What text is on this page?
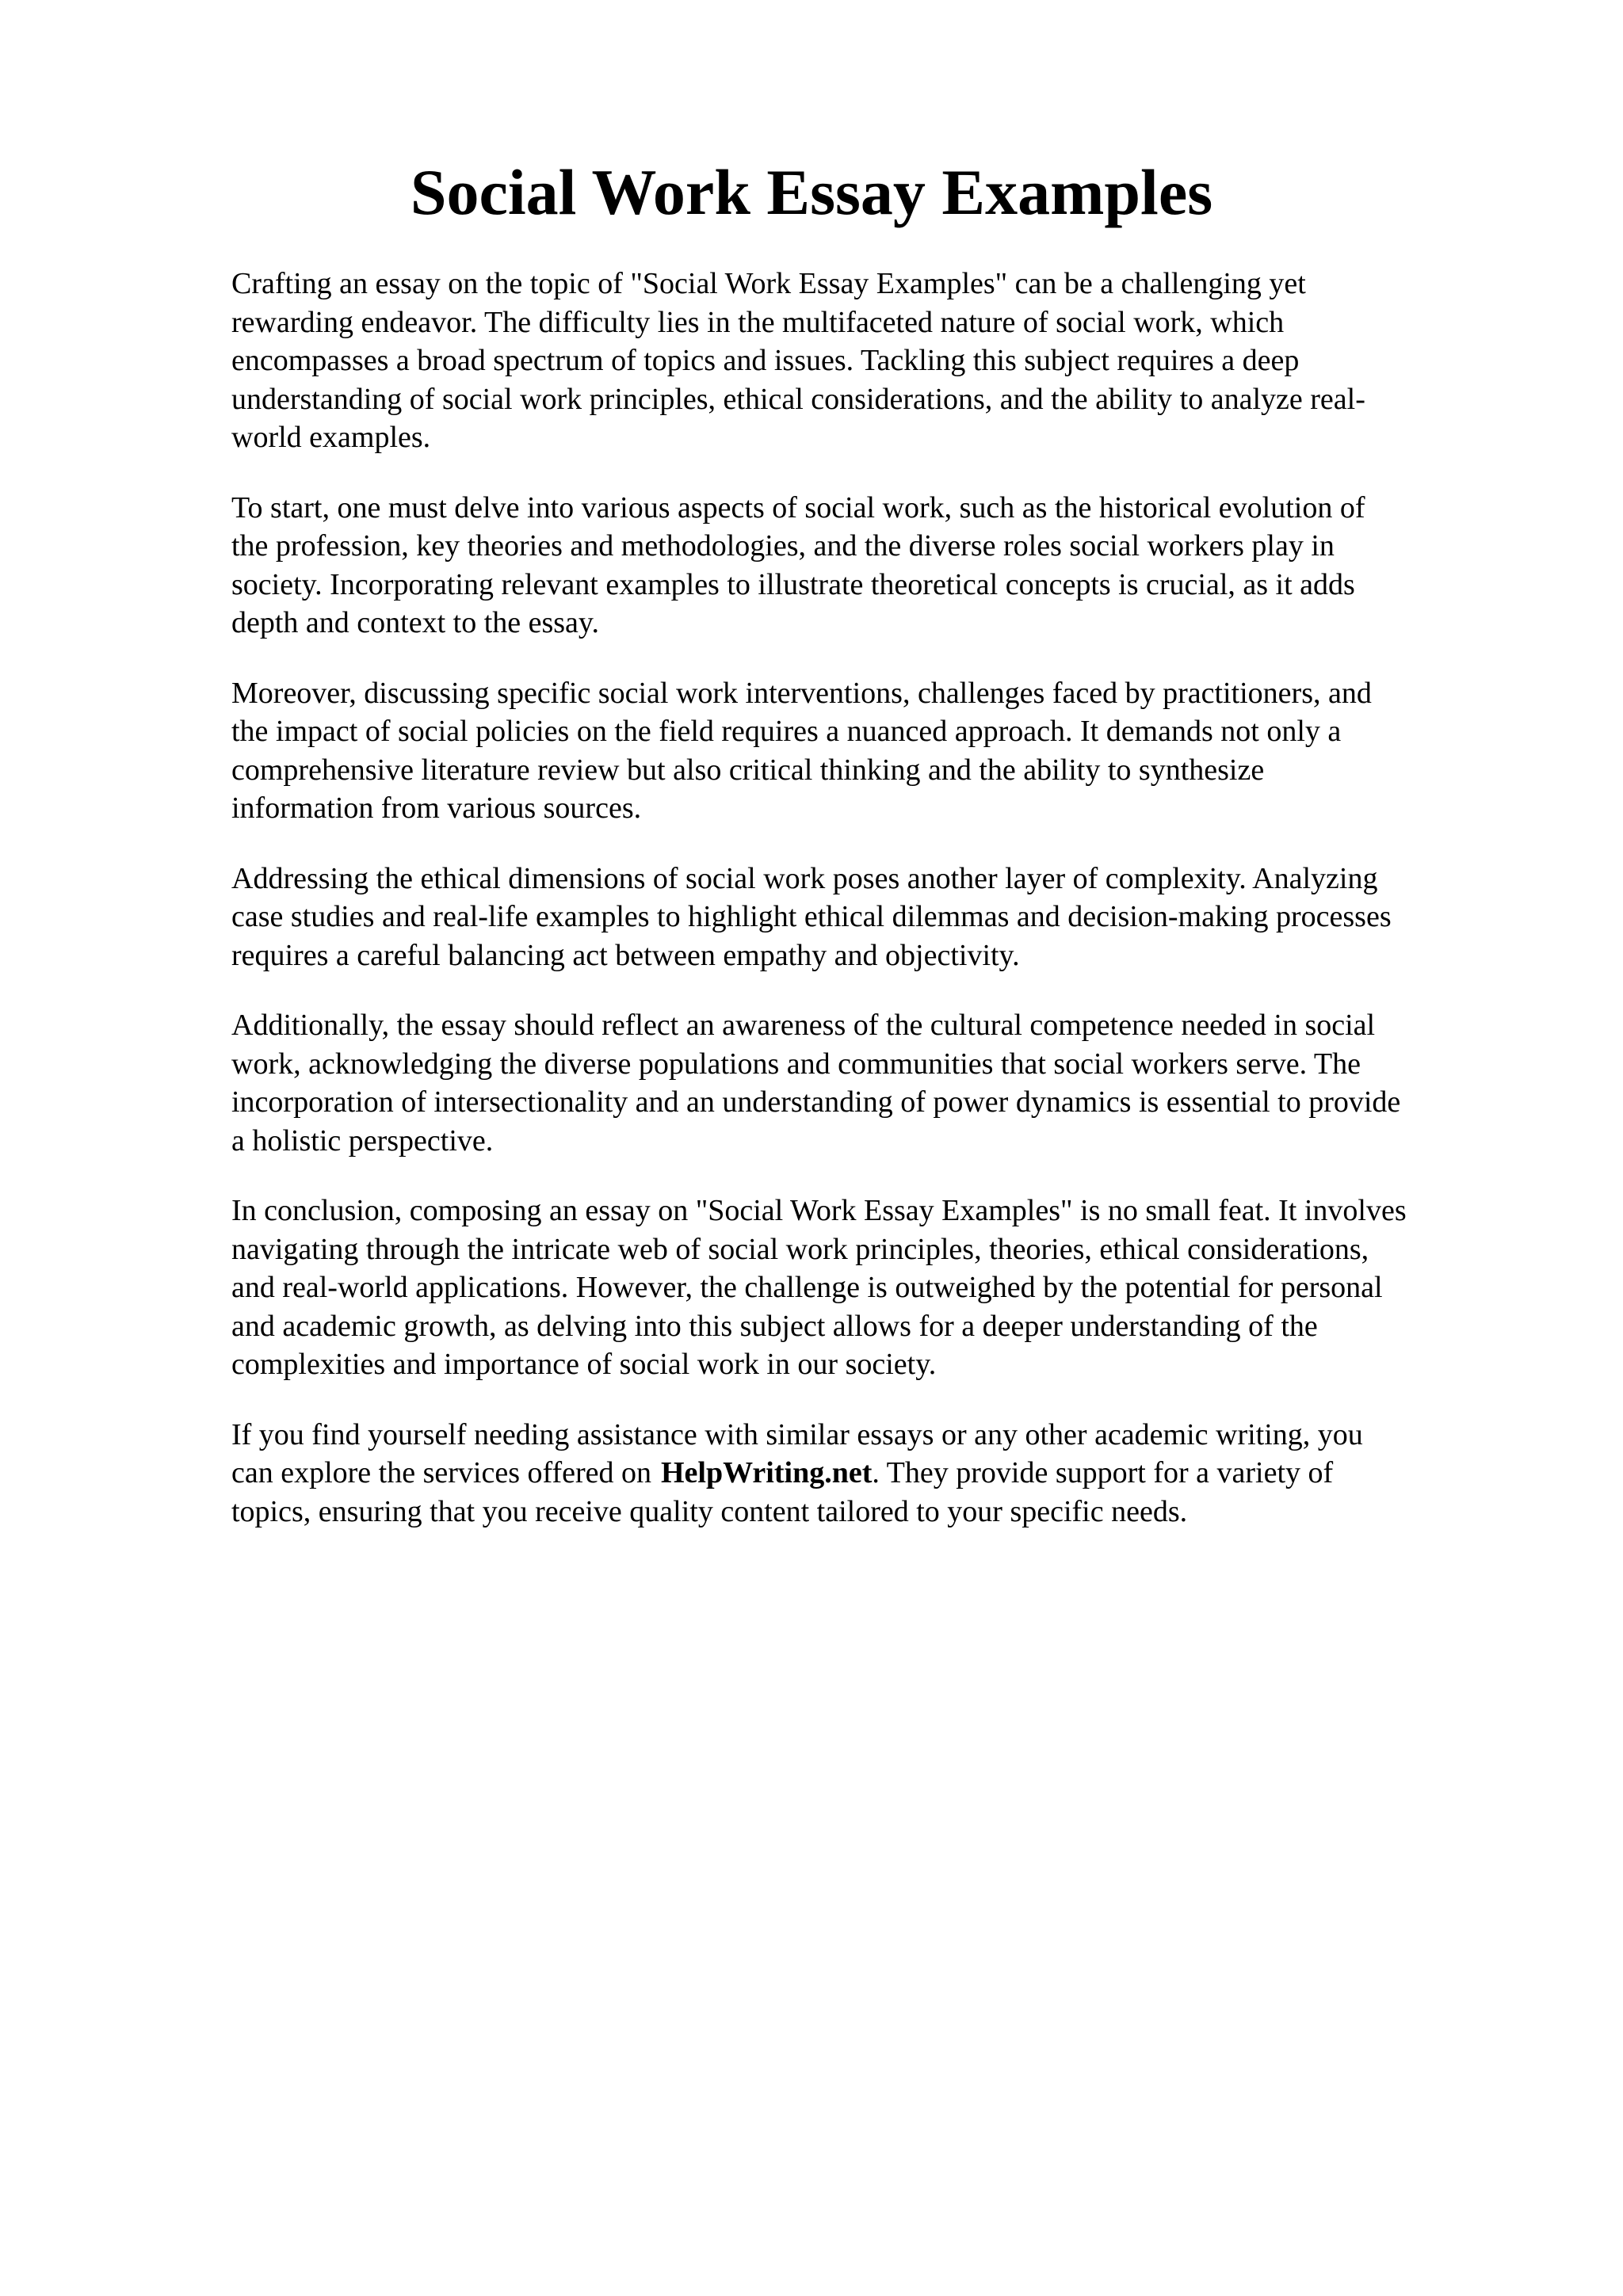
Social Work Essay Examples

Crafting an essay on the topic of "Social Work Essay Examples" can be a challenging yet
rewarding endeavor. The difficulty lies in the multifaceted nature of social work, which
encompasses a broad spectrum of topics and issues. Tackling this subject requires a deep
understanding of social work principles, ethical considerations, and the ability to analyze real-
world examples.

To start, one must delve into various aspects of social work, such as the historical evolution of
the profession, key theories and methodologies, and the diverse roles social workers play in
society. Incorporating relevant examples to illustrate theoretical concepts is crucial, as it adds
depth and context to the essay.

Moreover, discussing specific social work interventions, challenges faced by practitioners, and
the impact of social policies on the field requires a nuanced approach. It demands not only a
comprehensive literature review but also critical thinking and the ability to synthesize
information from various sources.

Addressing the ethical dimensions of social work poses another layer of complexity. Analyzing
case studies and real-life examples to highlight ethical dilemmas and decision-making processes
requires a careful balancing act between empathy and objectivity.

Additionally, the essay should reflect an awareness of the cultural competence needed in social
work, acknowledging the diverse populations and communities that social workers serve. The
incorporation of intersectionality and an understanding of power dynamics is essential to provide
a holistic perspective.

In conclusion, composing an essay on "Social Work Essay Examples" is no small feat. It involves
navigating through the intricate web of social work principles, theories, ethical considerations,
and real-world applications. However, the challenge is outweighed by the potential for personal
and academic growth, as delving into this subject allows for a deeper understanding of the
complexities and importance of social work in our society.

If you find yourself needing assistance with similar essays or any other academic writing, you
can explore the services offered on HelpWriting.net. They provide support for a variety of
topics, ensuring that you receive quality content tailored to your specific needs.
